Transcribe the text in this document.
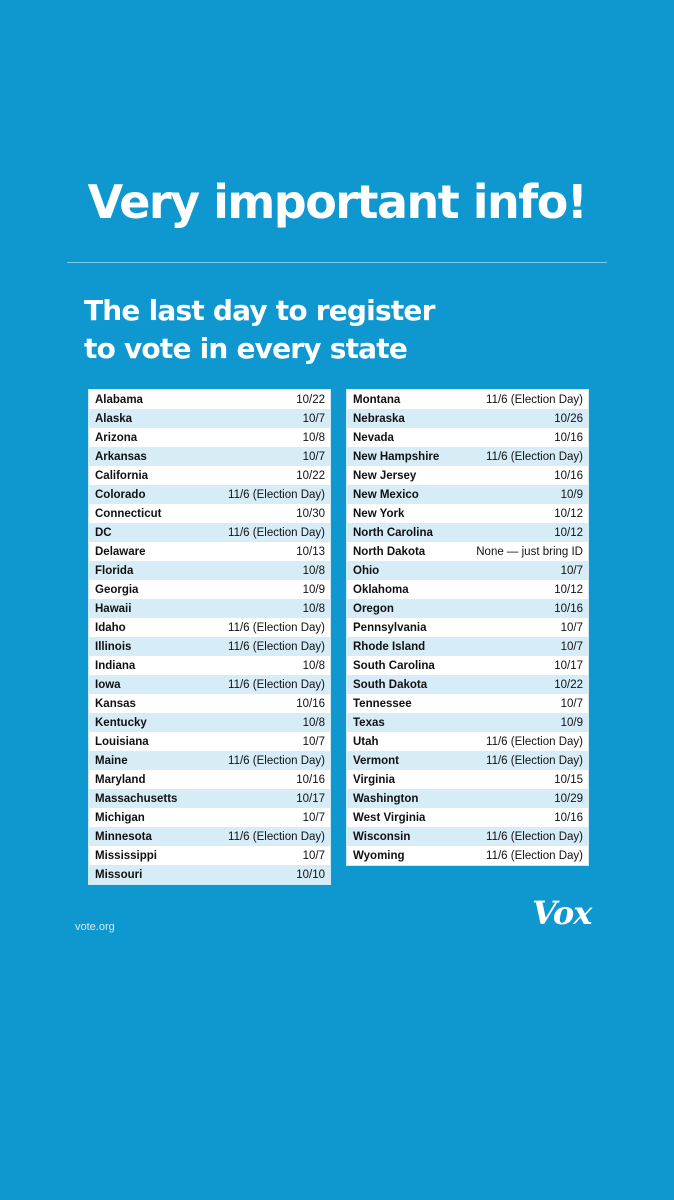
Very important info!
The last day to register
to vote in every state
Alabama	10/22
Alaska	10/7
Arizona	10/8
Arkansas	10/7
California	10/22
Colorado	11/6 (Election Day)
Connecticut	10/30
DC	11/6 (Election Day)
Delaware	10/13
Florida	10/8
Georgia	10/9
Hawaii	10/8
Idaho	11/6 (Election Day)
Illinois	11/6 (Election Day)
Indiana	10/8
Iowa	11/6 (Election Day)
Kansas	10/16
Kentucky	10/8
Louisiana	10/7
Maine	11/6 (Election Day)
Maryland	10/16
Massachusetts	10/17
Michigan	10/7
Minnesota	11/6 (Election Day)
Mississippi	10/7
Missouri	10/10
Montana	11/6 (Election Day)
Nebraska	10/26
Nevada	10/16
New Hampshire	11/6 (Election Day)
New Jersey	10/16
New Mexico	10/9
New York	10/12
North Carolina	10/12
North Dakota	None — just bring ID
Ohio	10/7
Oklahoma	10/12
Oregon	10/16
Pennsylvania	10/7
Rhode Island	10/7
South Carolina	10/17
South Dakota	10/22
Tennessee	10/7
Texas	10/9
Utah	11/6 (Election Day)
Vermont	11/6 (Election Day)
Virginia	10/15
Washington	10/29
West Virginia	10/16
Wisconsin	11/6 (Election Day)
Wyoming	11/6 (Election Day)
vote.org	Vox
